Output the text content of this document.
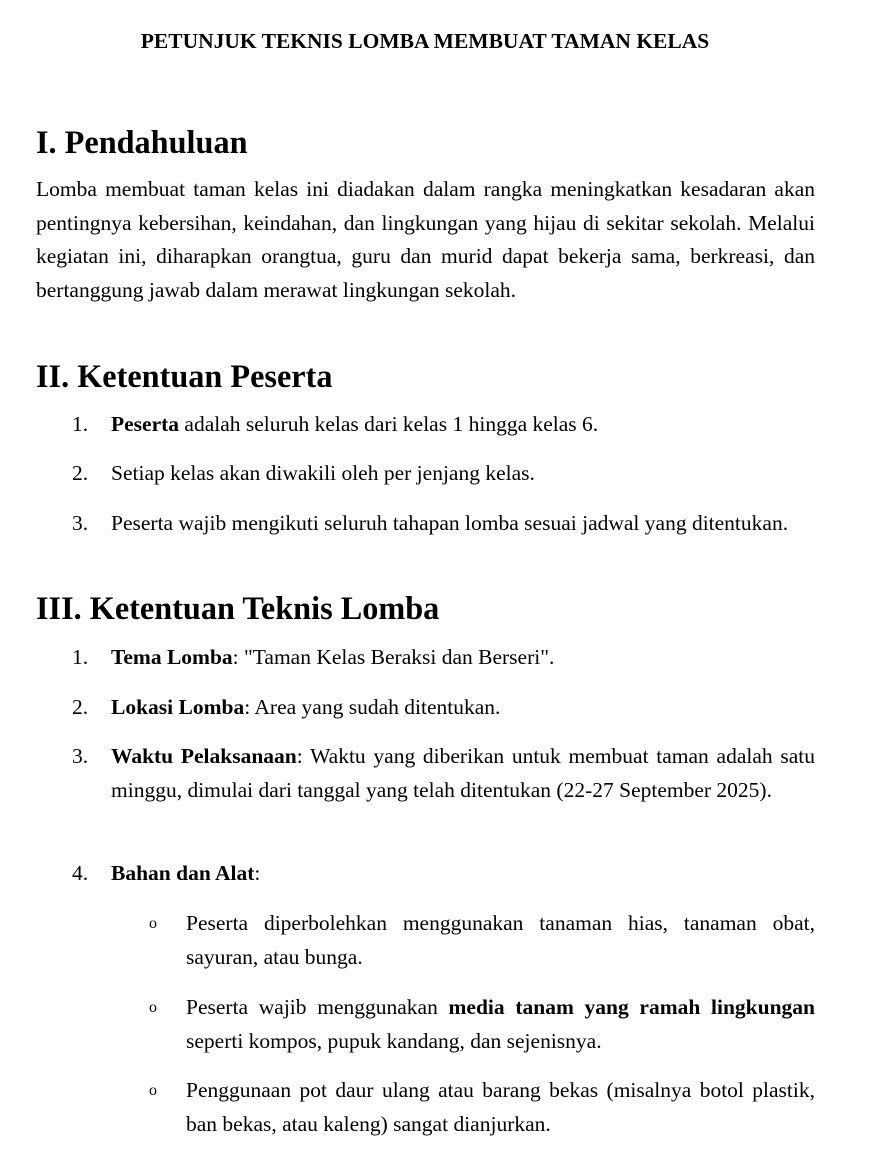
PETUNJUK TEKNIS LOMBA MEMBUAT TAMAN KELAS
I. Pendahuluan

Lomba membuat taman kelas ini diadakan dalam rangka meningkatkan kesadaran akan pentingnya kebersihan, keindahan, dan lingkungan yang hijau di sekitar sekolah. Melalui kegiatan ini, diharapkan orangtua, guru dan murid dapat bekerja sama, berkreasi, dan bertanggung jawab dalam merawat lingkungan sekolah.

II. Ketentuan Peserta
1.	Peserta adalah seluruh kelas dari kelas 1 hingga kelas 6.
2.	Setiap kelas akan diwakili oleh per jenjang kelas.
3.	Peserta wajib mengikuti seluruh tahapan lomba sesuai jadwal yang ditentukan.
III. Ketentuan Teknis Lomba
1.	Tema Lomba: "Taman Kelas Beraksi dan Berseri".
2.	Lokasi Lomba: Area yang sudah ditentukan.
3.	Waktu Pelaksanaan: Waktu yang diberikan untuk membuat taman adalah satu minggu, dimulai dari tanggal yang telah ditentukan (22-27 September 2025).
4.	Bahan dan Alat:
o Peserta diperbolehkan menggunakan tanaman hias, tanaman obat, sayuran, atau bunga.
o Peserta wajib menggunakan media tanam yang ramah lingkungan seperti kompos, pupuk kandang, dan sejenisnya.
o Penggunaan pot daur ulang atau barang bekas (misalnya botol plastik, ban bekas, atau kaleng) sangat dianjurkan.
